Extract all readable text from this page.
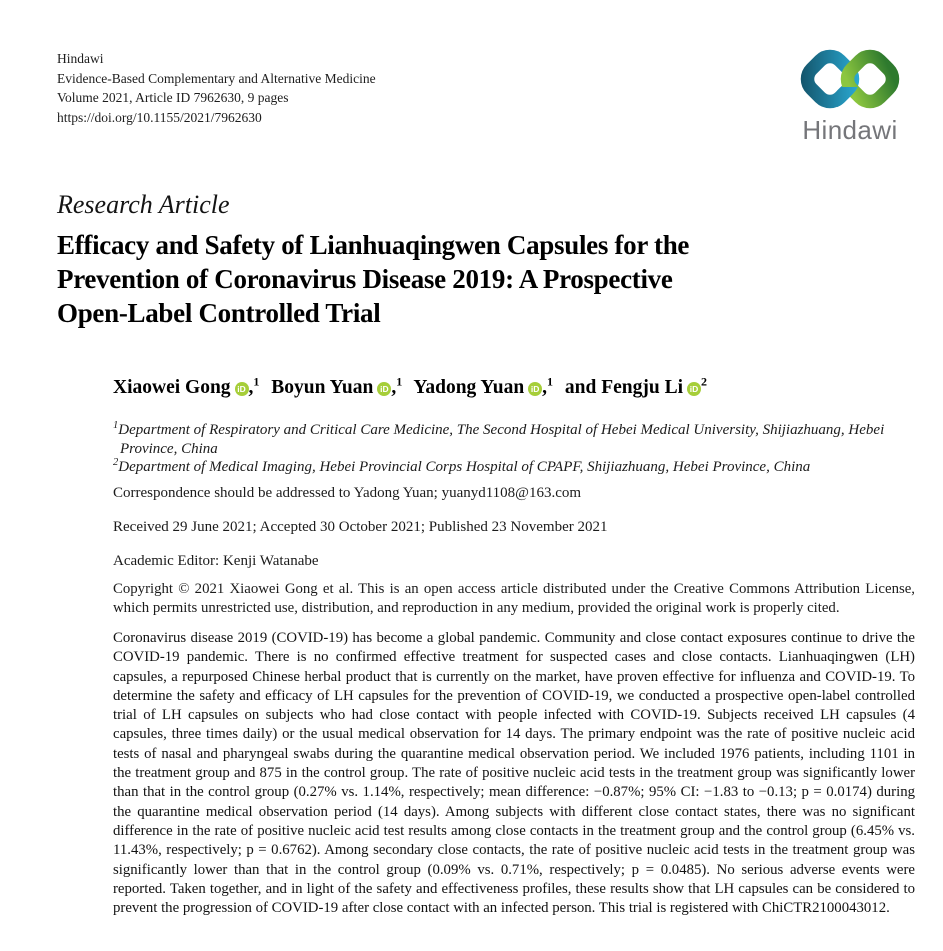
Hindawi
Evidence-Based Complementary and Alternative Medicine
Volume 2021, Article ID 7962630, 9 pages
https://doi.org/10.1155/2021/7962630	Hindawi
Research Article
Efficacy and Safety of Lianhuaqingwen Capsules for the
Prevention of Coronavirus Disease 2019: A Prospective
Open-Label Controlled Trial
Xiaowei Gong iD ,$^1$ Boyun Yuan iD ,$^1$ Yadong Yuan iD ,$^1$ and Fengju Li $iD^2$
$^1$Department of Respiratory and Critical Care Medicine, The Second Hospital of Hebei Medical University, Shijiazhuang, Hebei Province, China
$^2$Department of Medical Imaging, Hebei Provincial Corps Hospital of CPAPF, Shijiazhuang, Hebei Province, China

Correspondence should be addressed to Yadong Yuan; yuanyd1108@163.com

Received 29 June 2021; Accepted 30 October 2021; Published 23 November 2021

Academic Editor: Kenji Watanabe

Copyright © 2021 Xiaowei Gong et al. This is an open access article distributed under the Creative Commons Attribution License, which permits unrestricted use, distribution, and reproduction in any medium, provided the original work is properly cited.

Coronavirus disease 2019 (COVID-19) has become a global pandemic. Community and close contact exposures continue to drive the COVID-19 pandemic. There is no confirmed effective treatment for suspected cases and close contacts. Lianhuaqingwen (LH) capsules, a repurposed Chinese herbal product that is currently on the market, have proven effective for influenza and COVID-19. To determine the safety and efficacy of LH capsules for the prevention of COVID-19, we conducted a prospective open-label controlled trial of LH capsules on subjects who had close contact with people infected with COVID-19. Subjects received LH capsules (4 capsules, three times daily) or the usual medical observation for 14 days. The primary endpoint was the rate of positive nucleic acid tests of nasal and pharyngeal swabs during the quarantine medical observation period. We included 1976 patients, including 1101 in the treatment group and 875 in the control group. The rate of positive nucleic acid tests in the treatment group was significantly lower than that in the control group (0.27% vs. 1.14%, respectively; mean difference: −0.87%; 95% CI: −1.83 to −0.13; p = 0.0174) during the quarantine medical observation period (14 days). Among subjects with different close contact states, there was no significant difference in the rate of positive nucleic acid test results among close contacts in the treatment group and the control group (6.45% vs. 11.43%, respectively; p = 0.6762). Among secondary close contacts, the rate of positive nucleic acid tests in the treatment group was significantly lower than that in the control group (0.09% vs. 0.71%, respectively; p = 0.0485). No serious adverse events were reported. Taken together, and in light of the safety and effectiveness profiles, these results show that LH capsules can be considered to prevent the progression of COVID-19 after close contact with an infected person. This trial is registered with ChiCTR2100043012.
